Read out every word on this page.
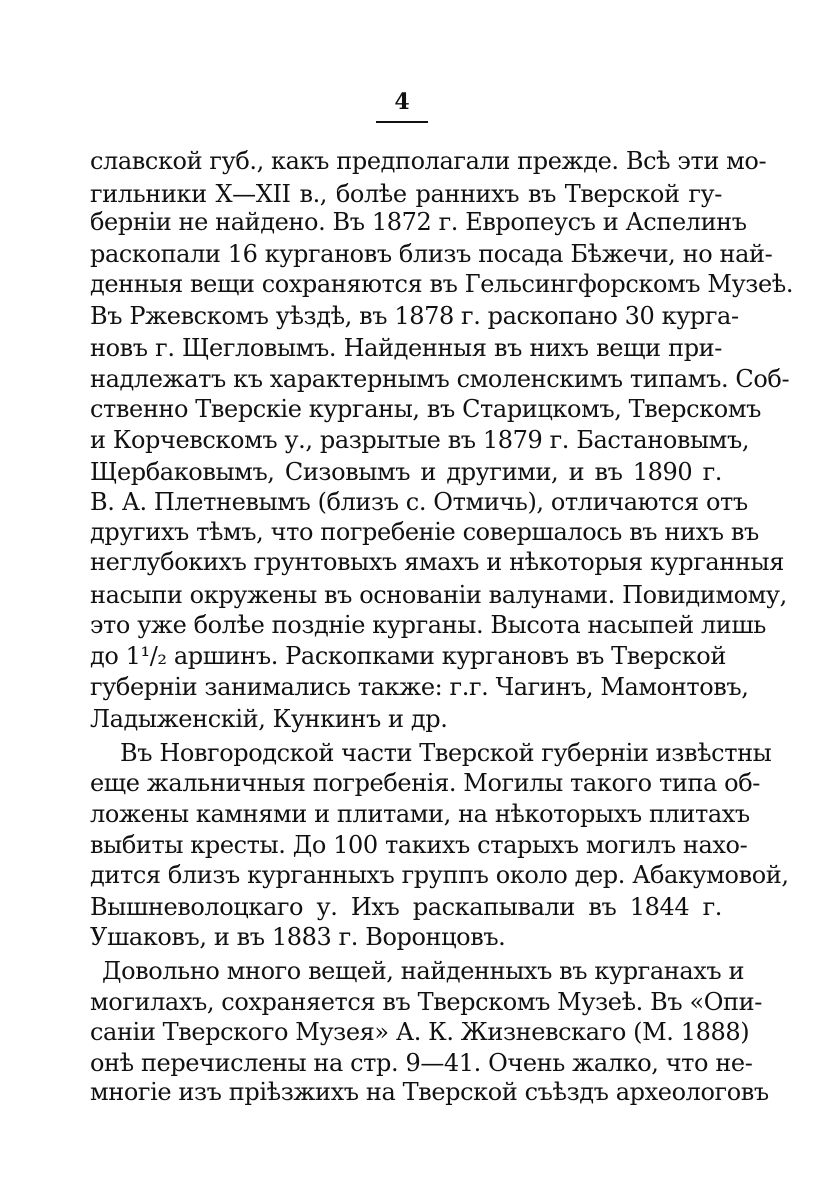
4
славской губ., какъ предполагали прежде. Всѣ эти мо-
гильники X—XII в., болѣе раннихъ въ Тверской гу-
берніи не найдено. Въ 1872 г. Европеусъ и Аспелинъ
раскопали 16 кургановъ близъ посада Бѣжечи, но най-
денныя вещи сохраняются въ Гельсингфорскомъ Музеѣ.
Въ Ржевскомъ уѣздѣ, въ 1878 г. раскопано 30 курга-
новъ г. Щегловымъ. Найденныя въ нихъ вещи при-
надлежатъ къ характернымъ смоленскимъ типамъ. Соб-
ственно Тверскіе курганы, въ Старицкомъ, Тверскомъ
и Корчевскомъ у., разрытые въ 1879 г. Бастановымъ,
Щербаковымъ, Сизовымъ и другими, и въ 1890 г.
В. А. Плетневымъ (близъ с. Отмичь), отличаются отъ
другихъ тѣмъ, что погребеніе совершалось въ нихъ въ
неглубокихъ грунтовыхъ ямахъ и нѣкоторыя курганныя
насыпи окружены въ основаніи валунами. Повидимому,
это уже болѣе поздніе курганы. Высота насыпей лишь
до 1¹/₂ аршинъ. Раскопками кургановъ въ Тверской
губерніи занимались также: г.г. Чагинъ, Мамонтовъ,
Ладыженскій, Кункинъ и др.
Въ Новгородской части Тверской губерніи извѣстны
еще жальничныя погребенія. Могилы такого типа об-
ложены камнями и плитами, на нѣкоторыхъ плитахъ
выбиты кресты. До 100 такихъ старыхъ могилъ нахо-
дится близъ курганныхъ группъ около дер. Абакумовой,
Вышневолоцкаго у. Ихъ раскапывали въ 1844 г.
Ушаковъ, и въ 1883 г. Воронцовъ.
Довольно много вещей, найденныхъ въ курганахъ и
могилахъ, сохраняется въ Тверскомъ Музеѣ. Въ «Опи-
саніи Тверского Музея» А. К. Жизневскаго (М. 1888)
онѣ перечислены на стр. 9—41. Очень жалко, что не-
многіе изъ пріѣзжихъ на Тверской съѣздъ археологовъ
